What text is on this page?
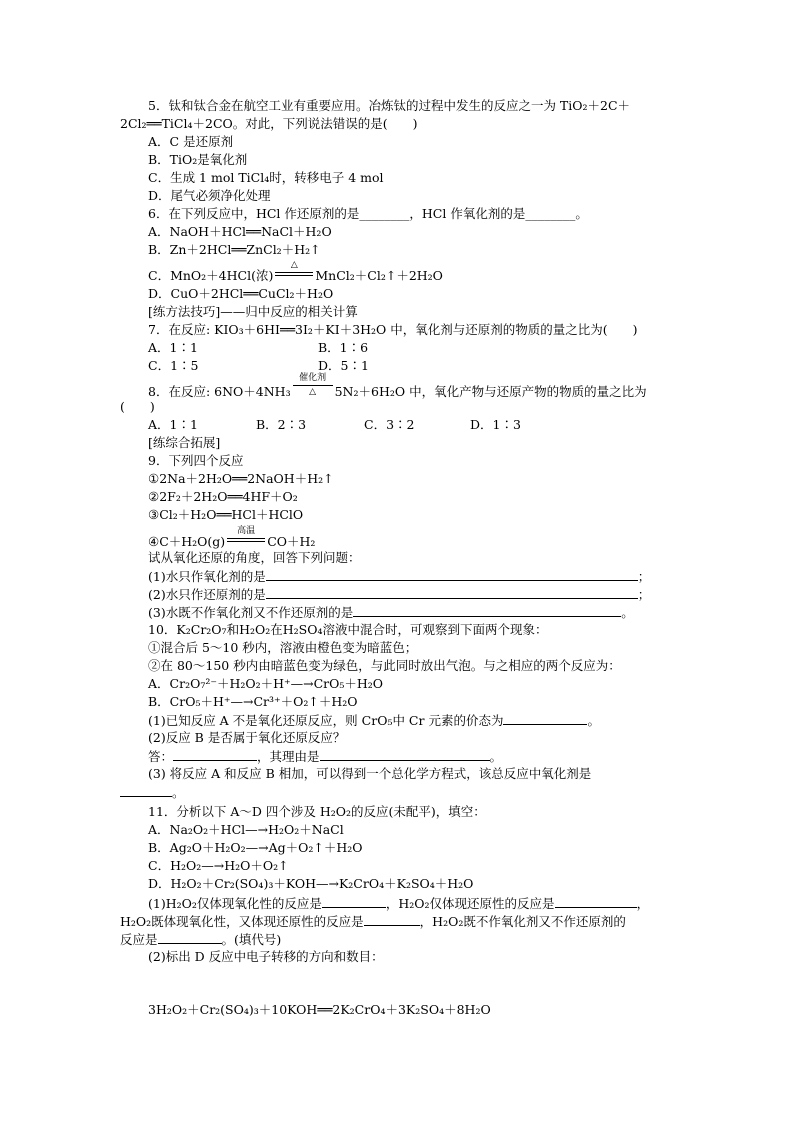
5．钛和钛合金在航空工业有重要应用。冶炼钛的过程中发生的反应之一为 TiO₂＋2C＋
2Cl₂══TiCl₄＋2CO。对此，下列说法错误的是(　　)
A．C 是还原剂
B．TiO₂是氧化剂
C．生成 1 mol TiCl₄时，转移电子 4 mol
D．尾气必须净化处理
6．在下列反应中，HCl 作还原剂的是________，HCl 作氧化剂的是________。
A．NaOH＋HCl══NaCl＋H₂O
B．Zn＋2HCl══ZnCl₂＋H₂↑
C．MnO₂＋4HCl(浓)
△
MnCl₂＋Cl₂↑＋2H₂O
D．CuO＋2HCl══CuCl₂＋H₂O
[练方法技巧]——归中反应的相关计算
7．在反应: KIO₃＋6HI══3I₂＋KI＋3H₂O 中，氧化剂与还原剂的物质的量之比为(　　)
A．1∶1	B．1∶6
C．1∶5	D．5∶1
8．在反应: 6NO＋4NH₃
催化剂
△	5N₂＋6H₂O 中，氧化产物与还原产物的物质的量之比为
(　　)
A．1∶1	B．2∶3	C．3∶2	D．1∶3
[练综合拓展]
9．下列四个反应
①2Na＋2H₂O══2NaOH＋H₂↑
②2F₂＋2H₂O══4HF＋O₂
③Cl₂＋H₂O══HCl＋HClO
④C＋H₂O(g)
高温
CO＋H₂
试从氧化还原的角度，回答下列问题：
(1)水只作氧化剂的是	；
(2)水只作还原剂的是	；
(3)水既不作氧化剂又不作还原剂的是	。
10．K₂Cr₂O₇和H₂O₂在H₂SO₄溶液中混合时，可观察到下面两个现象：
①混合后 5～10 秒内，溶液由橙色变为暗蓝色；
②在 80～150 秒内由暗蓝色变为绿色，与此同时放出气泡。与之相应的两个反应为：
A．Cr₂O₇²⁻＋H₂O₂＋H⁺—→CrO₅＋H₂O
B．CrO₅＋H⁺—→Cr³⁺＋O₂↑＋H₂O
(1)已知反应 A 不是氧化还原反应，则 CrO₅中 Cr 元素的价态为	。
(2)反应 B 是否属于氧化还原反应？
答：	，其理由是	。
(3) 将反应 A 和反应 B 相加，可以得到一个总化学方程式，该总反应中氧化剂是
。
11．分析以下 A～D 四个涉及 H₂O₂的反应(未配平)，填空：
A．Na₂O₂＋HCl—→H₂O₂＋NaCl
B．Ag₂O＋H₂O₂—→Ag＋O₂↑＋H₂O
C．H₂O₂—→H₂O＋O₂↑
D．H₂O₂＋Cr₂(SO₄)₃＋KOH—→K₂CrO₄＋K₂SO₄＋H₂O
(1)H₂O₂仅体现氧化性的反应是	，H₂O₂仅体现还原性的反应是	，
H₂O₂既体现氧化性，又体现还原性的反应是	，H₂O₂既不作氧化剂又不作还原剂的
反应是	。(填代号)
(2)标出 D 反应中电子转移的方向和数目：
3H₂O₂＋Cr₂(SO₄)₃＋10KOH══2K₂CrO₄＋3K₂SO₄＋8H₂O
